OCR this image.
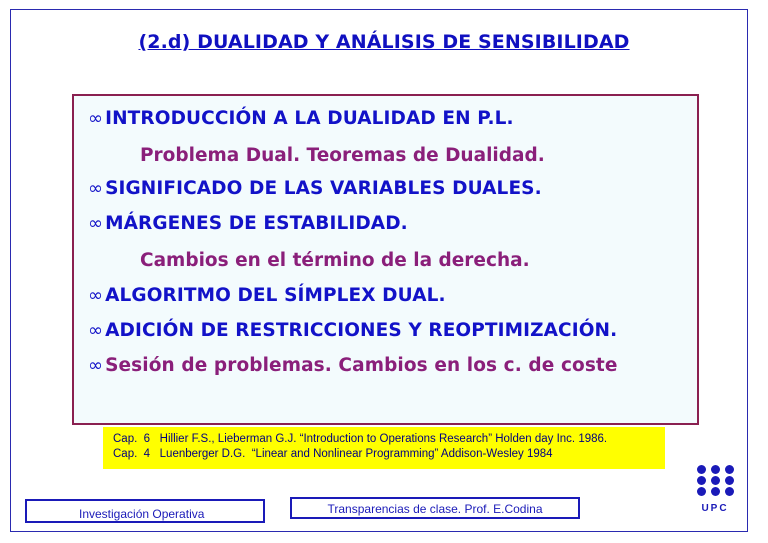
(2.d) DUALIDAD Y ANÁLISIS DE SENSIBILIDAD
∞ INTRODUCCIÓN A LA DUALIDAD EN P.L.
Problema Dual. Teoremas de Dualidad.
∞ SIGNIFICADO DE LAS VARIABLES DUALES.
∞ MÁRGENES DE ESTABILIDAD.
Cambios en el término de la derecha.
∞ ALGORITMO DEL SÍMPLEX DUAL.
∞ ADICIÓN DE RESTRICCIONES Y REOPTIMIZACIÓN.
∞ Sesión de problemas. Cambios en los c. de coste
Cap.  6   Hillier F.S., Lieberman G.J. “Introduction to Operations Research” Holden day Inc. 1986.
Cap.  4   Luenberger D.G.  “Linear and Nonlinear Programming” Addison-Wesley 1984
Investigación Operativa	Transparencias de clase. Prof. E.Codina	UPC
